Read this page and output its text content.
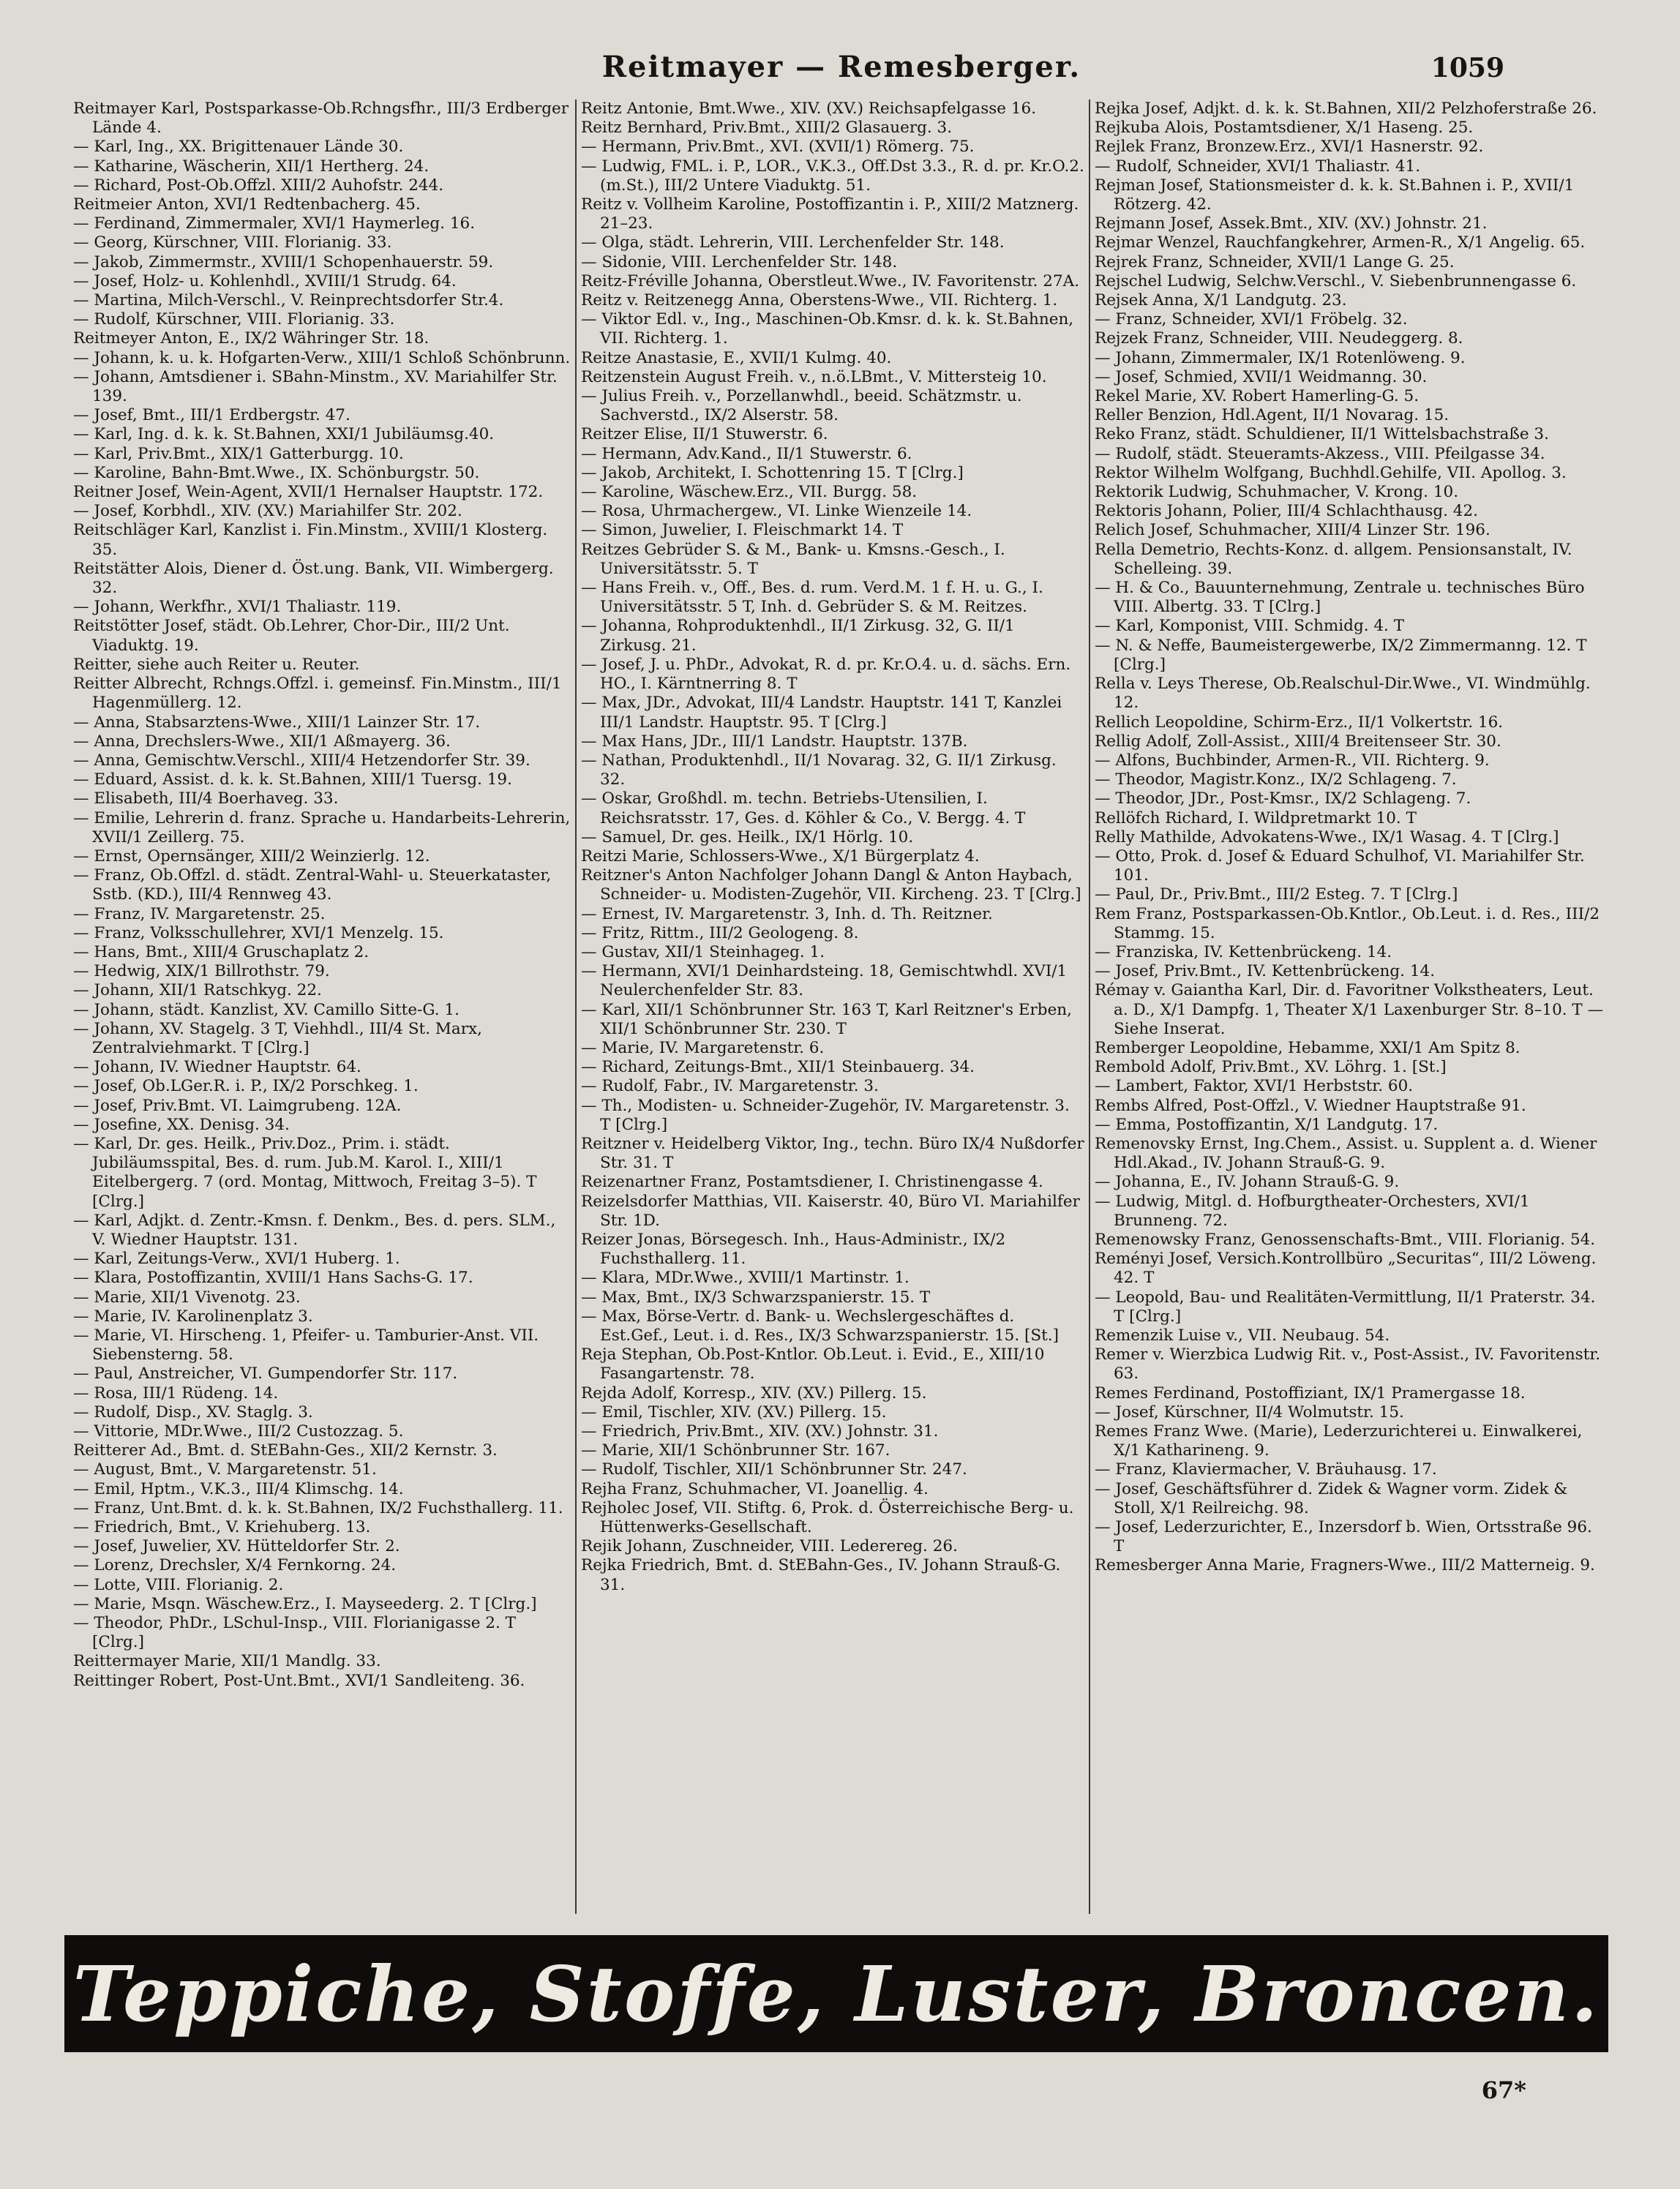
Reitmayer — Remesberger.	1059

Reitmayer Karl, Postsparkasse-Ob.Rchngsfhr., III/3 Erdberger Lände 4.

— Karl, Ing., XX. Brigittenauer Lände 30.

— Katharine, Wäscherin, XII/1 Hertherg. 24.

— Richard, Post-Ob.Offzl. XIII/2 Auhofstr. 244.

Reitmeier Anton, XVI/1 Redtenbacherg. 45.

— Ferdinand, Zimmermaler, XVI/1 Haymerleg. 16.

— Georg, Kürschner, VIII. Florianig. 33.

— Jakob, Zimmermstr., XVIII/1 Schopenhauerstr. 59.

— Josef, Holz- u. Kohlenhdl., XVIII/1 Strudg. 64.

— Martina, Milch-Verschl., V. Reinprechtsdorfer Str.4.

— Rudolf, Kürschner, VIII. Florianig. 33.

Reitmeyer Anton, E., IX/2 Währinger Str. 18.

— Johann, k. u. k. Hofgarten-Verw., XIII/1 Schloß Schönbrunn.

— Johann, Amtsdiener i. SBahn-Minstm., XV. Mariahilfer Str. 139.

— Josef, Bmt., III/1 Erdbergstr. 47.

— Karl, Ing. d. k. k. St.Bahnen, XXI/1 Jubiläumsg.40.

— Karl, Priv.Bmt., XIX/1 Gatterburgg. 10.

— Karoline, Bahn-Bmt.Wwe., IX. Schönburgstr. 50.

Reitner Josef, Wein-Agent, XVII/1 Hernalser Hauptstr. 172.

— Josef, Korbhdl., XIV. (XV.) Mariahilfer Str. 202.

Reitschläger Karl, Kanzlist i. Fin.Minstm., XVIII/1 Klosterg. 35.

Reitstätter Alois, Diener d. Öst.ung. Bank, VII. Wimbergerg. 32.

— Johann, Werkfhr., XVI/1 Thaliastr. 119.

Reitstötter Josef, städt. Ob.Lehrer, Chor-Dir., III/2 Unt. Viaduktg. 19.

Reitter, siehe auch Reiter u. Reuter.

Reitter Albrecht, Rchngs.Offzl. i. gemeinsf. Fin.Minstm., III/1 Hagenmüllerg. 12.

— Anna, Stabsarztens-Wwe., XIII/1 Lainzer Str. 17.

— Anna, Drechslers-Wwe., XII/1 Aßmayerg. 36.

— Anna, Gemischtw.Verschl., XIII/4 Hetzendorfer Str. 39.

— Eduard, Assist. d. k. k. St.Bahnen, XIII/1 Tuersg. 19.

— Elisabeth, III/4 Boerhaveg. 33.

— Emilie, Lehrerin d. franz. Sprache u. Handarbeits-Lehrerin, XVII/1 Zeillerg. 75.

— Ernst, Opernsänger, XIII/2 Weinzierlg. 12.

— Franz, Ob.Offzl. d. städt. Zentral-Wahl- u. Steuerkataster, Sstb. (KD.), III/4 Rennweg 43.

— Franz, IV. Margaretenstr. 25.

— Franz, Volksschullehrer, XVI/1 Menzelg. 15.

— Hans, Bmt., XIII/4 Gruschaplatz 2.

— Hedwig, XIX/1 Billrothstr. 79.

— Johann, XII/1 Ratschkyg. 22.

— Johann, städt. Kanzlist, XV. Camillo Sitte-G. 1.

— Johann, XV. Stagelg. 3 T, Viehhdl., III/4 St. Marx, Zentralviehmarkt. T [Clrg.]

— Johann, IV. Wiedner Hauptstr. 64.

— Josef, Ob.LGer.R. i. P., IX/2 Porschkeg. 1.

— Josef, Priv.Bmt. VI. Laimgrubeng. 12A.

— Josefine, XX. Denisg. 34.

— Karl, Dr. ges. Heilk., Priv.Doz., Prim. i. städt. Jubiläumsspital, Bes. d. rum. Jub.M. Karol. I., XIII/1 Eitelbergerg. 7 (ord. Montag, Mittwoch, Freitag 3–5). T [Clrg.]

— Karl, Adjkt. d. Zentr.-Kmsn. f. Denkm., Bes. d. pers. SLM., V. Wiedner Hauptstr. 131.

— Karl, Zeitungs-Verw., XVI/1 Huberg. 1.

— Klara, Postoffizantin, XVIII/1 Hans Sachs-G. 17.

— Marie, XII/1 Vivenotg. 23.

— Marie, IV. Karolinenplatz 3.

— Marie, VI. Hirscheng. 1, Pfeifer- u. Tamburier-Anst. VII. Siebensterng. 58.

— Paul, Anstreicher, VI. Gumpendorfer Str. 117.

— Rosa, III/1 Rüdeng. 14.

— Rudolf, Disp., XV. Staglg. 3.

— Vittorie, MDr.Wwe., III/2 Custozzag. 5.

Reitterer Ad., Bmt. d. StEBahn-Ges., XII/2 Kernstr. 3.

— August, Bmt., V. Margaretenstr. 51.

— Emil, Hptm., V.K.3., III/4 Klimschg. 14.

— Franz, Unt.Bmt. d. k. k. St.Bahnen, IX/2 Fuchsthallerg. 11.

— Friedrich, Bmt., V. Kriehuberg. 13.

— Josef, Juwelier, XV. Hütteldorfer Str. 2.

— Lorenz, Drechsler, X/4 Fernkorng. 24.

— Lotte, VIII. Florianig. 2.

— Marie, Msqn. Wäschew.Erz., I. Mayseederg. 2. T [Clrg.]

— Theodor, PhDr., LSchul-Insp., VIII. Florianigasse 2. T [Clrg.]

Reittermayer Marie, XII/1 Mandlg. 33.

Reittinger Robert, Post-Unt.Bmt., XVI/1 Sandleiteng. 36.

Reitz Antonie, Bmt.Wwe., XIV. (XV.) Reichsapfelgasse 16.

Reitz Bernhard, Priv.Bmt., XIII/2 Glasauerg. 3.

— Hermann, Priv.Bmt., XVI. (XVII/1) Römerg. 75.

— Ludwig, FML. i. P., LOR., V.K.3., Off.Dst 3.3., R. d. pr. Kr.O.2. (m.St.), III/2 Untere Viaduktg. 51.

Reitz v. Vollheim Karoline, Postoffizantin i. P., XIII/2 Matznerg. 21–23.

— Olga, städt. Lehrerin, VIII. Lerchenfelder Str. 148.

— Sidonie, VIII. Lerchenfelder Str. 148.

Reitz-Fréville Johanna, Oberstleut.Wwe., IV. Favoritenstr. 27A.

Reitz v. Reitzenegg Anna, Oberstens-Wwe., VII. Richterg. 1.

— Viktor Edl. v., Ing., Maschinen-Ob.Kmsr. d. k. k. St.Bahnen, VII. Richterg. 1.

Reitze Anastasie, E., XVII/1 Kulmg. 40.

Reitzenstein August Freih. v., n.ö.LBmt., V. Mittersteig 10.

— Julius Freih. v., Porzellanwhdl., beeid. Schätzmstr. u. Sachverstd., IX/2 Alserstr. 58.

Reitzer Elise, II/1 Stuwerstr. 6.

— Hermann, Adv.Kand., II/1 Stuwerstr. 6.

— Jakob, Architekt, I. Schottenring 15. T [Clrg.]

— Karoline, Wäschew.Erz., VII. Burgg. 58.

— Rosa, Uhrmachergew., VI. Linke Wienzeile 14.

— Simon, Juwelier, I. Fleischmarkt 14. T

Reitzes Gebrüder S. & M., Bank- u. Kmsns.-Gesch., I. Universitätsstr. 5. T

— Hans Freih. v., Off., Bes. d. rum. Verd.M. 1 f. H. u. G., I. Universitätsstr. 5 T, Inh. d. Gebrüder S. & M. Reitzes.

— Johanna, Rohproduktenhdl., II/1 Zirkusg. 32, G. II/1 Zirkusg. 21.

— Josef, J. u. PhDr., Advokat, R. d. pr. Kr.O.4. u. d. sächs. Ern. HO., I. Kärntnerring 8. T

— Max, JDr., Advokat, III/4 Landstr. Hauptstr. 141 T, Kanzlei III/1 Landstr. Hauptstr. 95. T [Clrg.]

— Max Hans, JDr., III/1 Landstr. Hauptstr. 137B.

— Nathan, Produktenhdl., II/1 Novarag. 32, G. II/1 Zirkusg. 32.

— Oskar, Großhdl. m. techn. Betriebs-Utensilien, I. Reichsratsstr. 17, Ges. d. Köhler & Co., V. Bergg. 4. T

— Samuel, Dr. ges. Heilk., IX/1 Hörlg. 10.

Reitzi Marie, Schlossers-Wwe., X/1 Bürgerplatz 4.

Reitzner's Anton Nachfolger Johann Dangl & Anton Haybach, Schneider- u. Modisten-Zugehör, VII. Kircheng. 23. T [Clrg.]

— Ernest, IV. Margaretenstr. 3, Inh. d. Th. Reitzner.

— Fritz, Rittm., III/2 Geologeng. 8.

— Gustav, XII/1 Steinhageg. 1.

— Hermann, XVI/1 Deinhardsteing. 18, Gemischtwhdl. XVI/1 Neulerchenfelder Str. 83.

— Karl, XII/1 Schönbrunner Str. 163 T, Karl Reitzner's Erben, XII/1 Schönbrunner Str. 230. T

— Marie, IV. Margaretenstr. 6.

— Richard, Zeitungs-Bmt., XII/1 Steinbauerg. 34.

— Rudolf, Fabr., IV. Margaretenstr. 3.

— Th., Modisten- u. Schneider-Zugehör, IV. Margaretenstr. 3. T [Clrg.]

Reitzner v. Heidelberg Viktor, Ing., techn. Büro IX/4 Nußdorfer Str. 31. T

Reizenartner Franz, Postamtsdiener, I. Christinengasse 4.

Reizelsdorfer Matthias, VII. Kaiserstr. 40, Büro VI. Mariahilfer Str. 1D.

Reizer Jonas, Börsegesch. Inh., Haus-Administr., IX/2 Fuchsthallerg. 11.

— Klara, MDr.Wwe., XVIII/1 Martinstr. 1.

— Max, Bmt., IX/3 Schwarzspanierstr. 15. T

— Max, Börse-Vertr. d. Bank- u. Wechslergeschäftes d. Est.Gef., Leut. i. d. Res., IX/3 Schwarzspanierstr. 15. [St.]

Reja Stephan, Ob.Post-Kntlor. Ob.Leut. i. Evid., E., XIII/10 Fasangartenstr. 78.

Rejda Adolf, Korresp., XIV. (XV.) Pillerg. 15.

— Emil, Tischler, XIV. (XV.) Pillerg. 15.

— Friedrich, Priv.Bmt., XIV. (XV.) Johnstr. 31.

— Marie, XII/1 Schönbrunner Str. 167.

— Rudolf, Tischler, XII/1 Schönbrunner Str. 247.

Rejha Franz, Schuhmacher, VI. Joanellig. 4.

Rejholec Josef, VII. Stiftg. 6, Prok. d. Österreichische Berg- u. Hüttenwerks-Gesellschaft.

Rejik Johann, Zuschneider, VIII. Lederereg. 26.

Rejka Friedrich, Bmt. d. StEBahn-Ges., IV. Johann Strauß-G. 31.

Rejka Josef, Adjkt. d. k. k. St.Bahnen, XII/2 Pelzhoferstraße 26.

Rejkuba Alois, Postamtsdiener, X/1 Haseng. 25.

Rejlek Franz, Bronzew.Erz., XVI/1 Hasnerstr. 92.

— Rudolf, Schneider, XVI/1 Thaliastr. 41.

Rejman Josef, Stationsmeister d. k. k. St.Bahnen i. P., XVII/1 Rötzerg. 42.

Rejmann Josef, Assek.Bmt., XIV. (XV.) Johnstr. 21.

Rejmar Wenzel, Rauchfangkehrer, Armen-R., X/1 Angelig. 65.

Rejrek Franz, Schneider, XVII/1 Lange G. 25.

Rejschel Ludwig, Selchw.Verschl., V. Siebenbrunnengasse 6.

Rejsek Anna, X/1 Landgutg. 23.

— Franz, Schneider, XVI/1 Fröbelg. 32.

Rejzek Franz, Schneider, VIII. Neudeggerg. 8.

— Johann, Zimmermaler, IX/1 Rotenlöweng. 9.

— Josef, Schmied, XVII/1 Weidmanng. 30.

Rekel Marie, XV. Robert Hamerling-G. 5.

Reller Benzion, Hdl.Agent, II/1 Novarag. 15.

Reko Franz, städt. Schuldiener, II/1 Wittelsbachstraße 3.

— Rudolf, städt. Steueramts-Akzess., VIII. Pfeilgasse 34.

Rektor Wilhelm Wolfgang, Buchhdl.Gehilfe, VII. Apollog. 3.

Rektorik Ludwig, Schuhmacher, V. Krong. 10.

Rektoris Johann, Polier, III/4 Schlachthausg. 42.

Relich Josef, Schuhmacher, XIII/4 Linzer Str. 196.

Rella Demetrio, Rechts-Konz. d. allgem. Pensionsanstalt, IV. Schelleing. 39.

— H. & Co., Bauunternehmung, Zentrale u. technisches Büro VIII. Albertg. 33. T [Clrg.]

— Karl, Komponist, VIII. Schmidg. 4. T

— N. & Neffe, Baumeistergewerbe, IX/2 Zimmermanng. 12. T [Clrg.]

Rella v. Leys Therese, Ob.Realschul-Dir.Wwe., VI. Windmühlg. 12.

Rellich Leopoldine, Schirm-Erz., II/1 Volkertstr. 16.

Rellig Adolf, Zoll-Assist., XIII/4 Breitenseer Str. 30.

— Alfons, Buchbinder, Armen-R., VII. Richterg. 9.

— Theodor, Magistr.Konz., IX/2 Schlageng. 7.

— Theodor, JDr., Post-Kmsr., IX/2 Schlageng. 7.

Rellöfch Richard, I. Wildpretmarkt 10. T

Relly Mathilde, Advokatens-Wwe., IX/1 Wasag. 4. T [Clrg.]

— Otto, Prok. d. Josef & Eduard Schulhof, VI. Mariahilfer Str. 101.

— Paul, Dr., Priv.Bmt., III/2 Esteg. 7. T [Clrg.]

Rem Franz, Postsparkassen-Ob.Kntlor., Ob.Leut. i. d. Res., III/2 Stammg. 15.

— Franziska, IV. Kettenbrückeng. 14.

— Josef, Priv.Bmt., IV. Kettenbrückeng. 14.

Rémay v. Gaiantha Karl, Dir. d. Favoritner Volkstheaters, Leut. a. D., X/1 Dampfg. 1, Theater X/1 Laxenburger Str. 8–10. T — Siehe Inserat.

Remberger Leopoldine, Hebamme, XXI/1 Am Spitz 8.

Rembold Adolf, Priv.Bmt., XV. Löhrg. 1. [St.]

— Lambert, Faktor, XVI/1 Herbststr. 60.

Rembs Alfred, Post-Offzl., V. Wiedner Hauptstraße 91.

— Emma, Postoffizantin, X/1 Landgutg. 17.

Remenovsky Ernst, Ing.Chem., Assist. u. Supplent a. d. Wiener Hdl.Akad., IV. Johann Strauß-G. 9.

— Johanna, E., IV. Johann Strauß-G. 9.

— Ludwig, Mitgl. d. Hofburgtheater-Orchesters, XVI/1 Brunneng. 72.

Remenowsky Franz, Genossenschafts-Bmt., VIII. Florianig. 54.

Reményi Josef, Versich.Kontrollbüro „Securitas“, III/2 Löweng. 42. T

— Leopold, Bau- und Realitäten-Vermittlung, II/1 Praterstr. 34. T [Clrg.]

Remenzik Luise v., VII. Neubaug. 54.

Remer v. Wierzbica Ludwig Rit. v., Post-Assist., IV. Favoritenstr. 63.

Remes Ferdinand, Postoffiziant, IX/1 Pramergasse 18.

— Josef, Kürschner, II/4 Wolmutstr. 15.

Remes Franz Wwe. (Marie), Lederzurichterei u. Einwalkerei, X/1 Katharineng. 9.

— Franz, Klaviermacher, V. Bräuhausg. 17.

— Josef, Geschäftsführer d. Zidek & Wagner vorm. Zidek & Stoll, X/1 Reilreichg. 98.

— Josef, Lederzurichter, E., Inzersdorf b. Wien, Ortsstraße 96. T

Remesberger Anna Marie, Fragners-Wwe., III/2 Matterneig. 9.

Teppiche, Stoffe, Luster, Broncen.
67*
